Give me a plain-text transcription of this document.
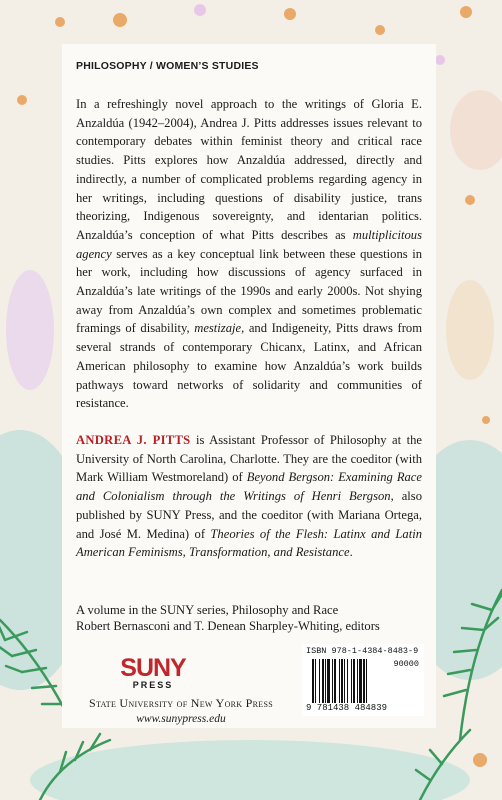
PHILOSOPHY / WOMEN’S STUDIES

In a refreshingly novel approach to the writings of Gloria E. Anzaldúa (1942–2004), Andrea J. Pitts addresses issues relevant to contemporary debates within feminist theory and critical race studies. Pitts explores how Anzaldúa addressed, directly and indirectly, a number of complicated problems regarding agency in her writings, including questions of disability justice, trans theorizing, Indigenous sovereignty, and identarian politics. Anzaldúa’s conception of what Pitts describes as multiplicitous agency serves as a key conceptual link between these questions in her work, including how discussions of agency surfaced in Anzaldúa’s late writings of the 1990s and early 2000s. Not shying away from Anzaldúa’s own complex and sometimes problematic framings of disability, mestizaje, and Indigeneity, Pitts draws from several strands of contemporary Chicanx, Latinx, and African American philosophy to examine how Anzaldúa’s work builds pathways toward networks of solidarity and communities of resistance.

ANDREA J. PITTS is Assistant Professor of Philosophy at the University of North Carolina, Charlotte. They are the coeditor (with Mark William Westmoreland) of Beyond Bergson: Examining Race and Colonialism through the Writings of Henri Bergson, also published by SUNY Press, and the coeditor (with Mariana Ortega, and José M. Medina) of Theories of the Flesh: Latinx and Latin American Feminisms, Transformation, and Resistance.

A volume in the SUNY series, Philosophy and Race
Robert Bernasconi and T. Denean Sharpley-Whiting, editors
SUNY
PRESS
State University of New York Press
www.sunypress.edu
ISBN 978-1-4384-8483-9
90000
9 781438 484839
